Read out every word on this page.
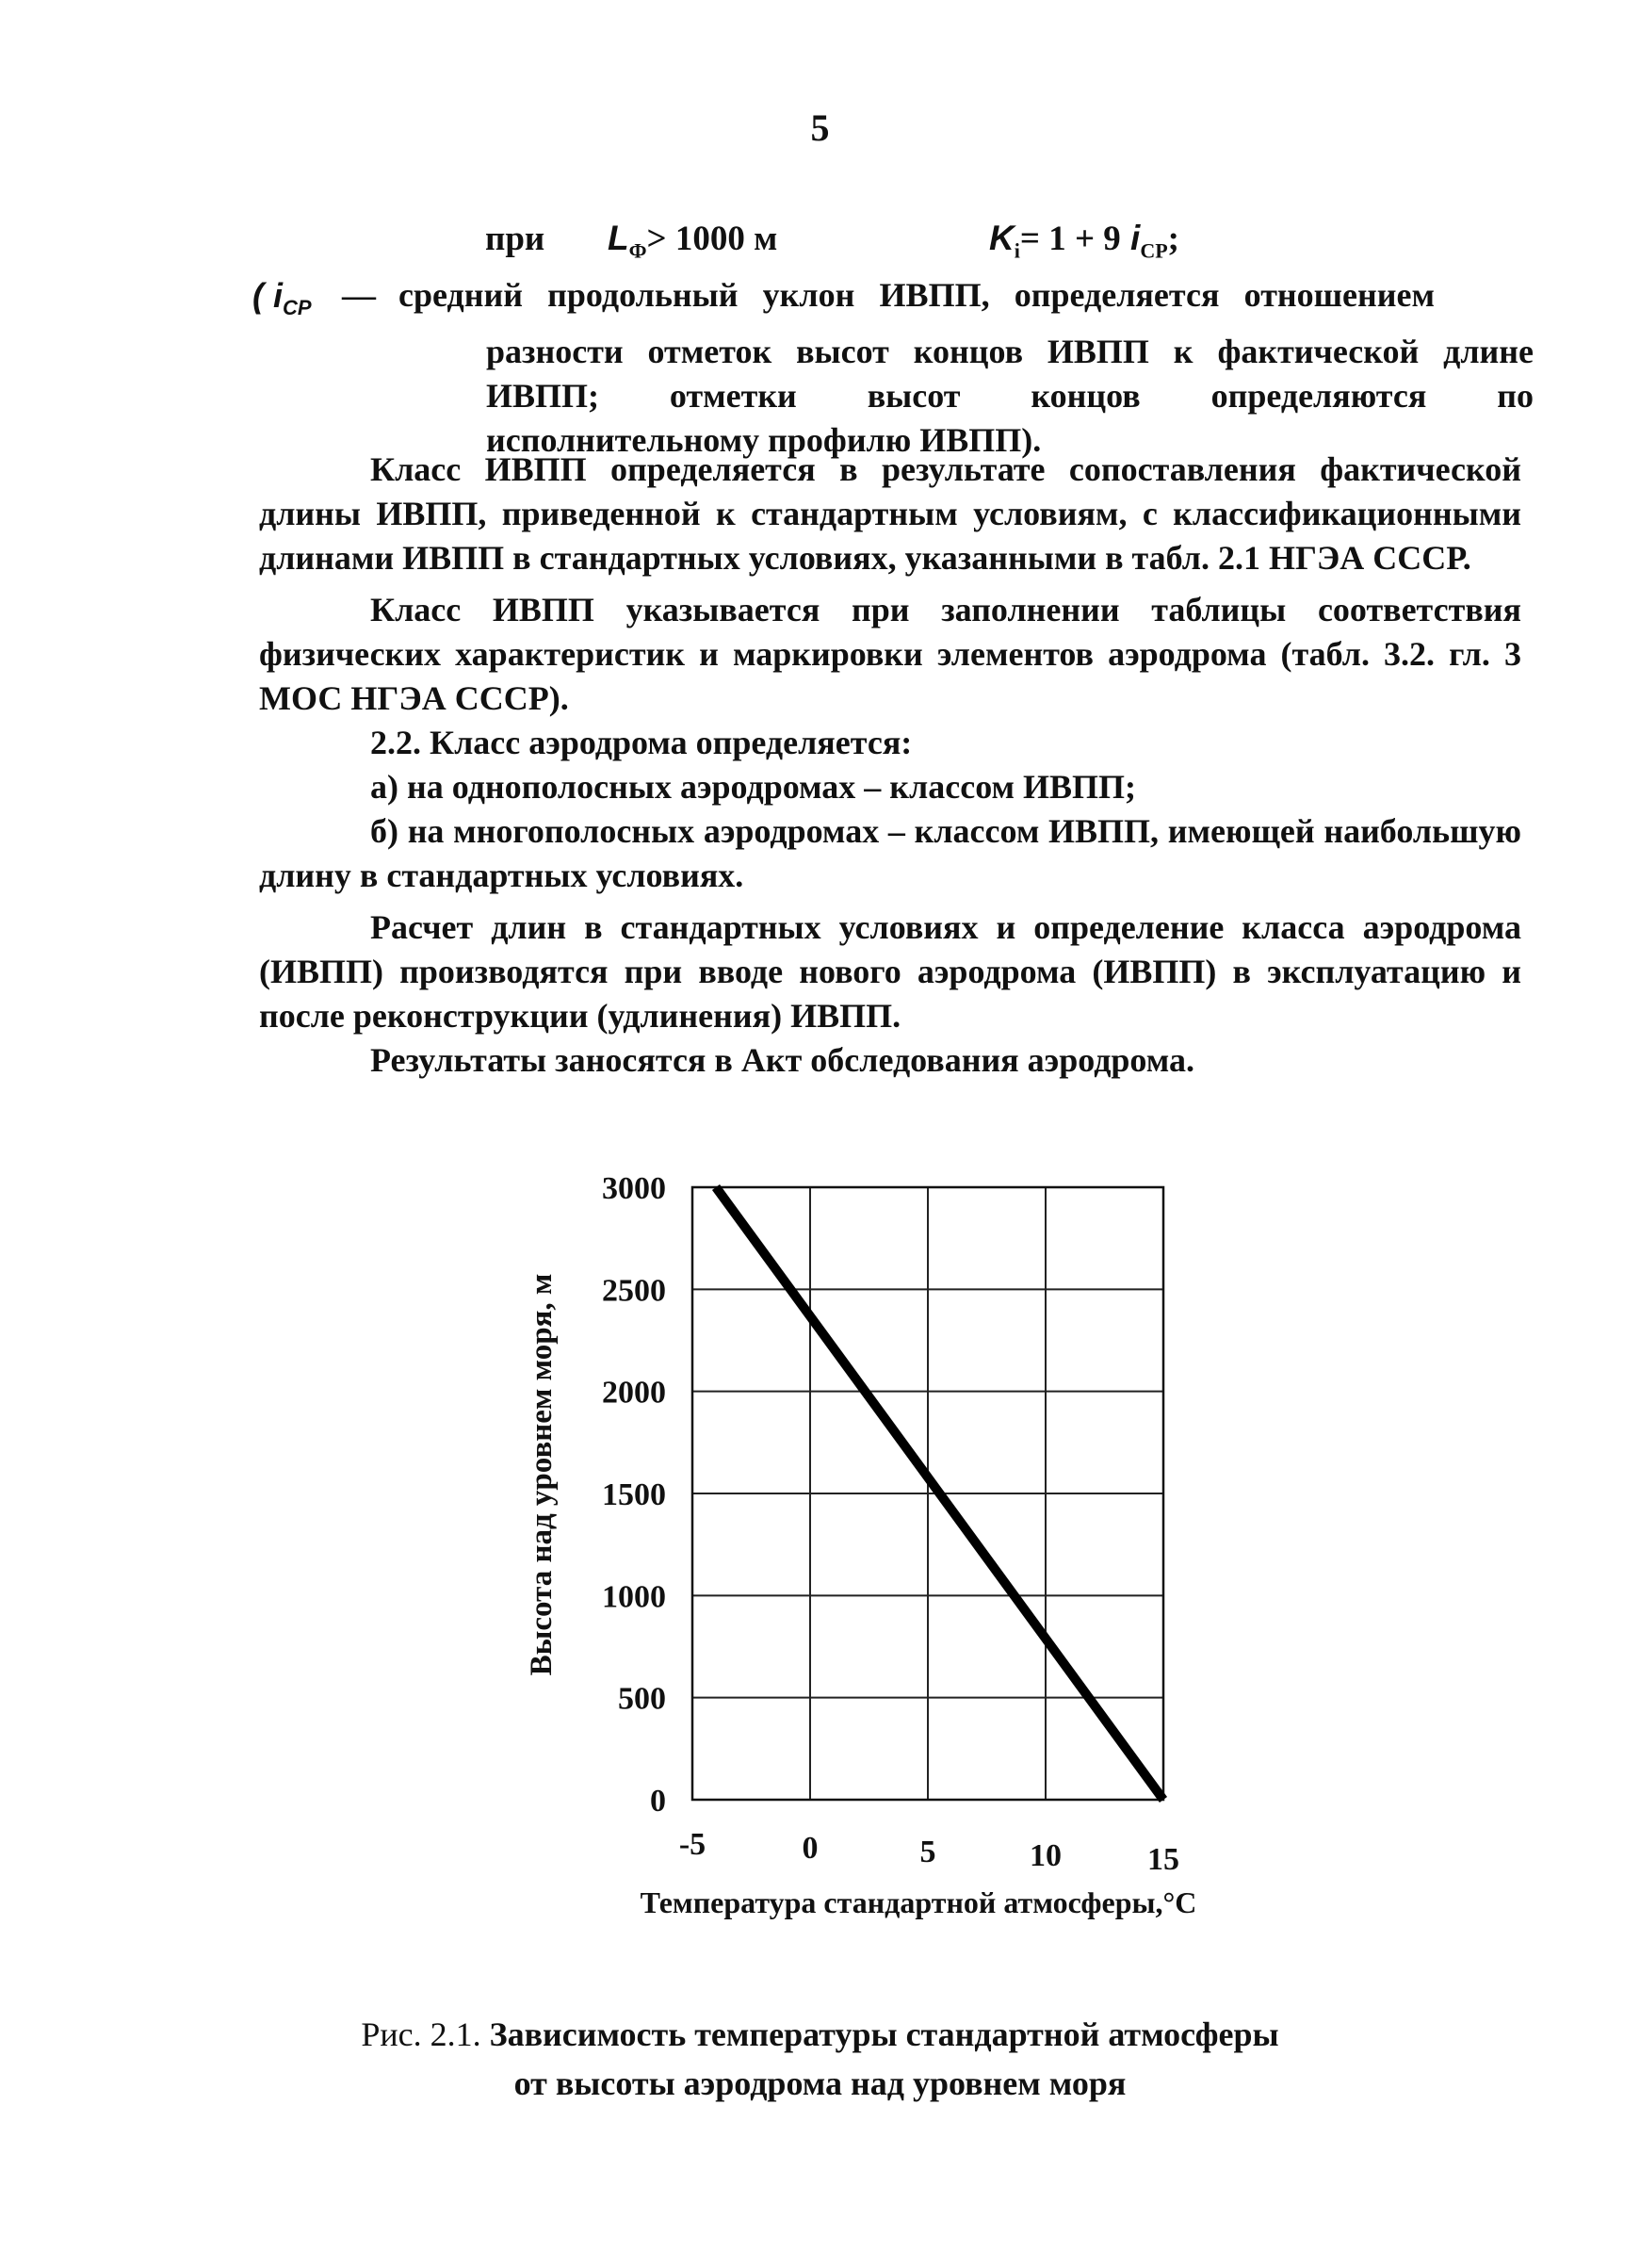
5
при $L_Ф> 1000$ м	$K_i= 1 + 9$ $i_{СР}$;
( $i_{СР}$ — средний продольный уклон ИВПП, определяется отношением
разности отметок высот концов ИВПП к фактической длине
ИВПП; отметки высот концов определяются по
исполнительному профилю ИВПП).

Класс ИВПП определяется в результате сопоставления фактической длины ИВПП, приведенной к стандартным условиям, с классификационными длинами ИВПП в стандартных условиях, указанными в табл. 2.1 НГЭА СССР.

Класс ИВПП указывается при заполнении таблицы соответствия физических характеристик и маркировки элементов аэродрома (табл. 3.2. гл. 3 МОС НГЭА СССР).

2.2. Класс аэродрома определяется:

а) на однополосных аэродромах – классом ИВПП;

б) на многополосных аэродромах – классом ИВПП, имеющей наибольшую длину в стандартных условиях.

Расчет длин в стандартных условиях и определение класса аэродрома (ИВПП) производятся при вводе нового аэродрома (ИВПП) в эксплуатацию и после реконструкции (удлинения) ИВПП.

Результаты заносятся в Акт обследования аэродрома.

0
500
1000
1500
2000
2500
3000
-5	0	5	10	15
Температура стандартной атмосферы,°С
Высота над уровнем моря, м
Рис. 2.1. Зависимость температуры стандартной атмосферы
от высоты аэродрома над уровнем моря
